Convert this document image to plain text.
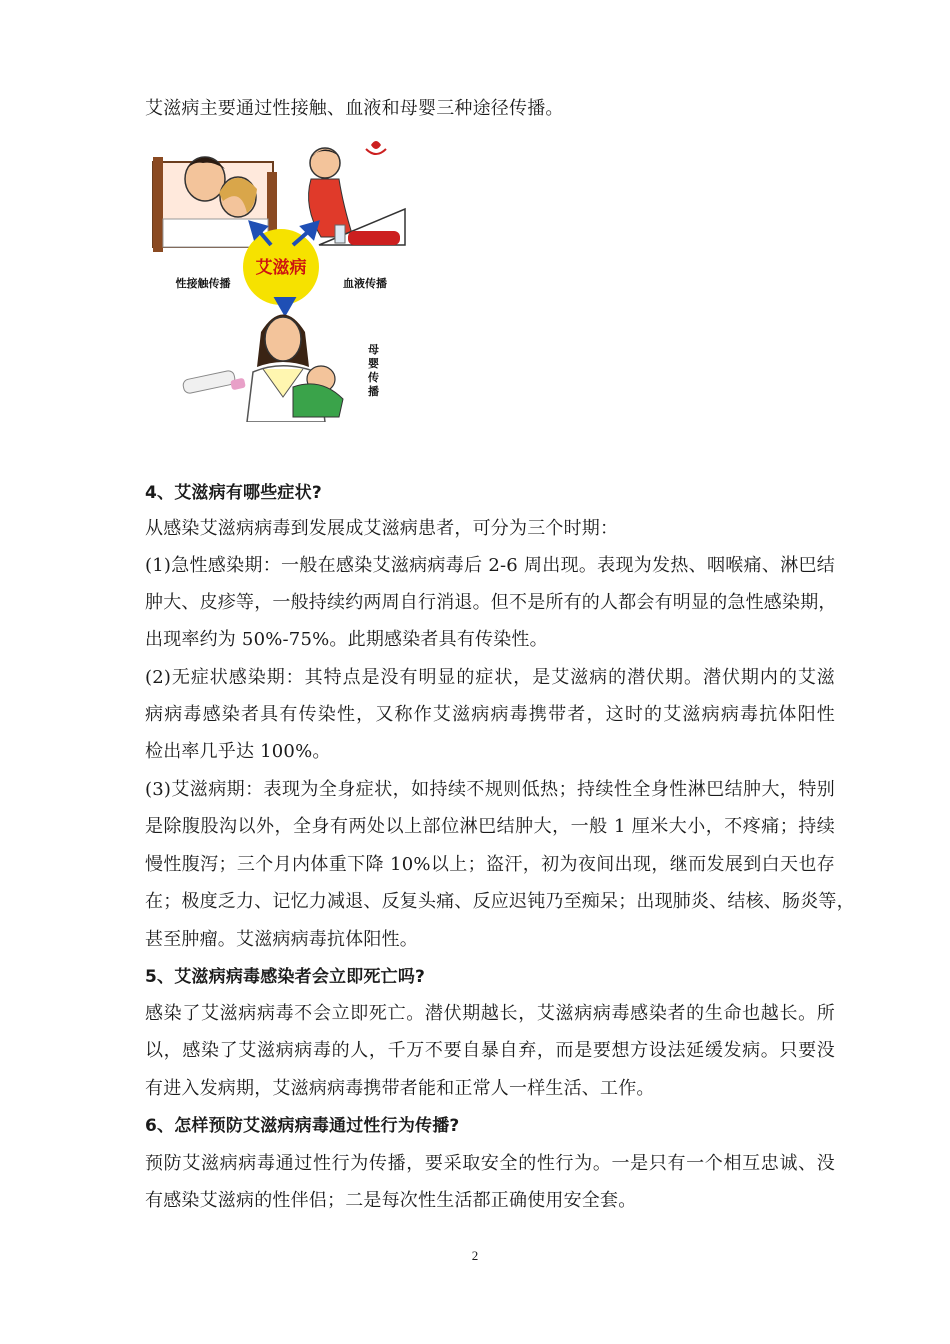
艾滋病主要通过性接触、血液和母婴三种途径传播。
艾滋病
性接触传播	血液传播
母 婴 传 播
4、艾滋病有哪些症状?
从感染艾滋病病毒到发展成艾滋病患者，可分为三个时期：
(1)急性感染期：一般在感染艾滋病病毒后 2-6 周出现。表现为发热、咽喉痛、淋巴结
肿大、皮疹等，一般持续约两周自行消退。但不是所有的人都会有明显的急性感染期，
出现率约为 50%-75%。此期感染者具有传染性。
(2)无症状感染期：其特点是没有明显的症状，是艾滋病的潜伏期。潜伏期内的艾滋
病病毒感染者具有传染性，又称作艾滋病病毒携带者，这时的艾滋病病毒抗体阳性
检出率几乎达 100%。
(3)艾滋病期：表现为全身症状，如持续不规则低热；持续性全身性淋巴结肿大，特别
是除腹股沟以外，全身有两处以上部位淋巴结肿大，一般 1 厘米大小，不疼痛；持续
慢性腹泻；三个月内体重下降 10%以上；盗汗，初为夜间出现，继而发展到白天也存
在；极度乏力、记忆力减退、反复头痛、反应迟钝乃至痴呆；出现肺炎、结核、肠炎等，
甚至肿瘤。艾滋病病毒抗体阳性。
5、艾滋病病毒感染者会立即死亡吗?
感染了艾滋病病毒不会立即死亡。潜伏期越长，艾滋病病毒感染者的生命也越长。所
以，感染了艾滋病病毒的人，千万不要自暴自弃，而是要想方设法延缓发病。只要没
有进入发病期，艾滋病病毒携带者能和正常人一样生活、工作。
6、怎样预防艾滋病病毒通过性行为传播?
预防艾滋病病毒通过性行为传播，要采取安全的性行为。一是只有一个相互忠诚、没
有感染艾滋病的性伴侣；二是每次性生活都正确使用安全套。
2
